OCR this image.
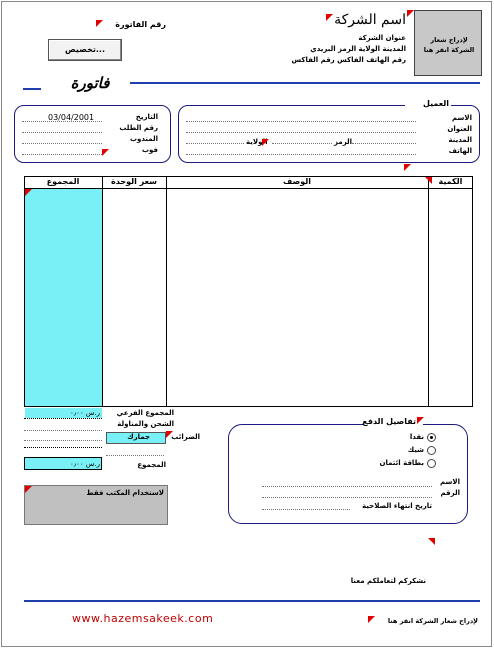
لإدراج شعار الشركة انقر هنا
اسم الشركة
عنوان الشركة
المدينة الولاية الرمز البريدي
رقم الهاتف الفاكس رقم الفاكس
رقم الفاتورة
تخصيص...
فاتورة
03/04/2001	التاريخ
رقم الطلب
المندوب
فوب
العميل
الولاية	الرمز
الاسم
العنوان
المدينة
الهاتف
المجموع	سعر الوحدة	الوصف	الكمية
ر.س ٠٫٠٠	المجموع الفرعي
الشحن والمناولة
جمارك	الضرائب
ر.س ٠٫٠٠	المجموع
تفاصيل الدفع
نقدا
شيك
بطاقة ائتمان
الاسم
الرقم
تاريخ انتهاء الصلاحية
لاستخدام المكتب فقط
نشكركم لتعاملكم معنا
www.hazemsakeek.com	لإدراج شعار الشركة انقر هنا
